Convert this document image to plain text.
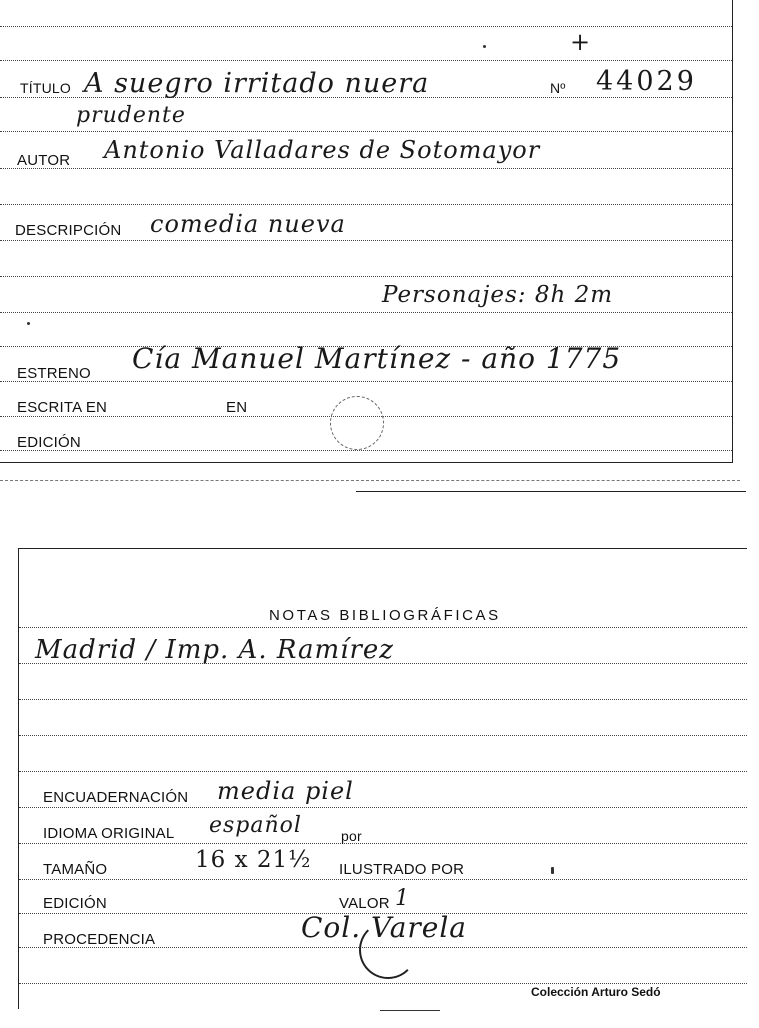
+
TÍTULO A suegro irritado nuera	Nº 44029
prudente
AUTOR Antonio Valladares de Sotomayor
DESCRIPCIÓN comedia nueva
Personajes: 8h 2m
ESTRENO Cía Manuel Martínez - año 1775
ESCRITA EN	EN
EDICIÓN
NOTAS BIBLIOGRÁFICAS
Madrid / Imp. A. Ramírez
ENCUADERNACIÓN media piel
IDIOMA ORIGINAL español	por
TAMAÑO	16 x 21½ ILUSTRADO POR
EDICIÓN	VALOR 1
PROCEDENCIA	Col. Varela
Colección Arturo Sedó
